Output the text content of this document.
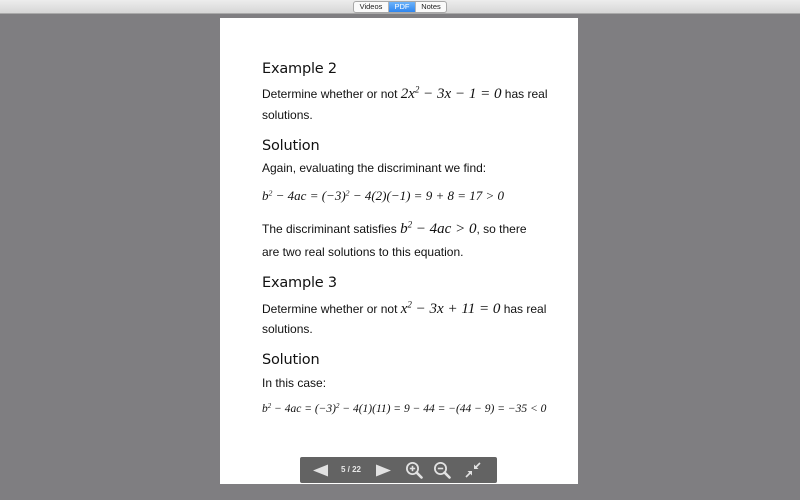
Videos	PDF	Notes
Example 2
Determine whether or not $2x^2 - 3x - 1 = 0$ has real
solutions.
Solution
Again, evaluating the discriminant we find:
$b^2 - 4ac = (-3)^2 - 4(2)(-1) = 9 + 8 = 17 > 0$
The discriminant satisfies $b^2 - 4ac > 0$, so there
are two real solutions to this equation.
Example 3
Determine whether or not $x^2 - 3x + 11 = 0$ has real
solutions.
Solution
In this case:
$b^2 - 4ac = (-3)^2 - 4(1)(11) = 9 - 44 = -(44 - 9) = -35 < 0$
5 / 22
